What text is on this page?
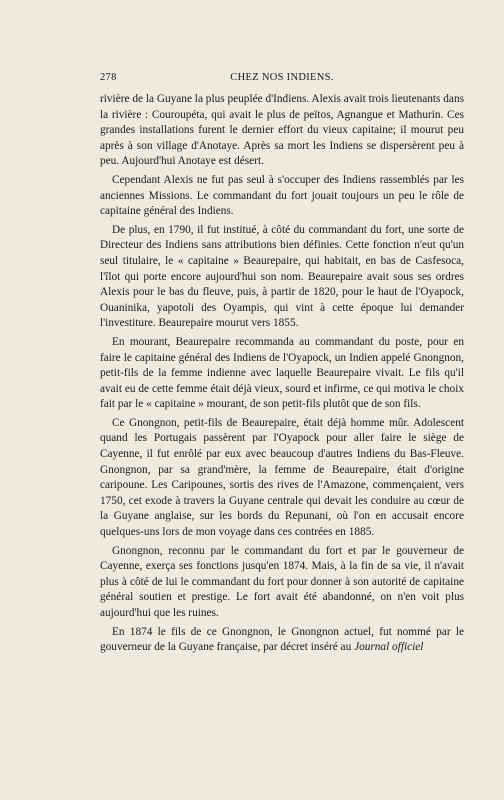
278	CHEZ NOS INDIENS.

rivière de la Guyane la plus peuplée d'Indiens. Alexis avait trois lieutenants dans la rivière : Couroupéta, qui avait le plus de peïtos, Agnangue et Mathurin. Ces grandes installations furent le dernier effort du vieux capitaine; il mourut peu après à son village d'Anotaye. Après sa mort les Indiens se dispersèrent peu à peu. Aujourd'hui Anotaye est désert.

Cependant Alexis ne fut pas seul à s'occuper des Indiens rassemblés par les anciennes Missions. Le commandant du fort jouait toujours un peu le rôle de capitaine général des Indiens.

De plus, en 1790, il fut institué, à côté du commandant du fort, une sorte de Directeur des Indiens sans attributions bien définies. Cette fonction n'eut qu'un seul titulaire, le « capitaine » Beaurepaire, qui habitait, en bas de Casfesoca, l'îlot qui porte encore aujourd'hui son nom. Beaurepaire avait sous ses ordres Alexis pour le bas du fleuve, puis, à partir de 1820, pour le haut de l'Oyapock, Ouaninika, yapotoli des Oyampis, qui vint à cette époque lui demander l'investiture. Beaurepaire mourut vers 1855.

En mourant, Beaurepaire recommanda au commandant du poste, pour en faire le capitaine général des Indiens de l'Oyapock, un Indien appelé Gnongnon, petit-fils de la femme indienne avec laquelle Beaurepaire vivait. Le fils qu'il avait eu de cette femme était déjà vieux, sourd et infirme, ce qui motiva le choix fait par le « capitaine » mourant, de son petit-fils plutôt que de son fils.

Ce Gnongnon, petit-fils de Beaurepaire, était déjà homme mûr. Adolescent quand les Portugais passèrent par l'Oyapock pour aller faire le siège de Cayenne, il fut enrôlé par eux avec beaucoup d'autres Indiens du Bas-Fleuve. Gnongnon, par sa grand'mère, la femme de Beaurepaire, était d'origine caripoune. Les Caripounes, sortis des rives de l'Amazone, commençaient, vers 1750, cet exode à travers la Guyane centrale qui devait les conduire au cœur de la Guyane anglaise, sur les bords du Repunani, où l'on en accusait encore quelques-uns lors de mon voyage dans ces contrées en 1885.

Gnongnon, reconnu par le commandant du fort et par le gouverneur de Cayenne, exerça ses fonctions jusqu'en 1874. Mais, à la fin de sa vie, il n'avait plus à côté de lui le commandant du fort pour donner à son autorité de capitaine général soutien et prestige. Le fort avait été abandonné, on n'en voit plus aujourd'hui que les ruines.

En 1874 le fils de ce Gnongnon, le Gnongnon actuel, fut nommé par le gouverneur de la Guyane française, par décret inséré au Journal officiel
